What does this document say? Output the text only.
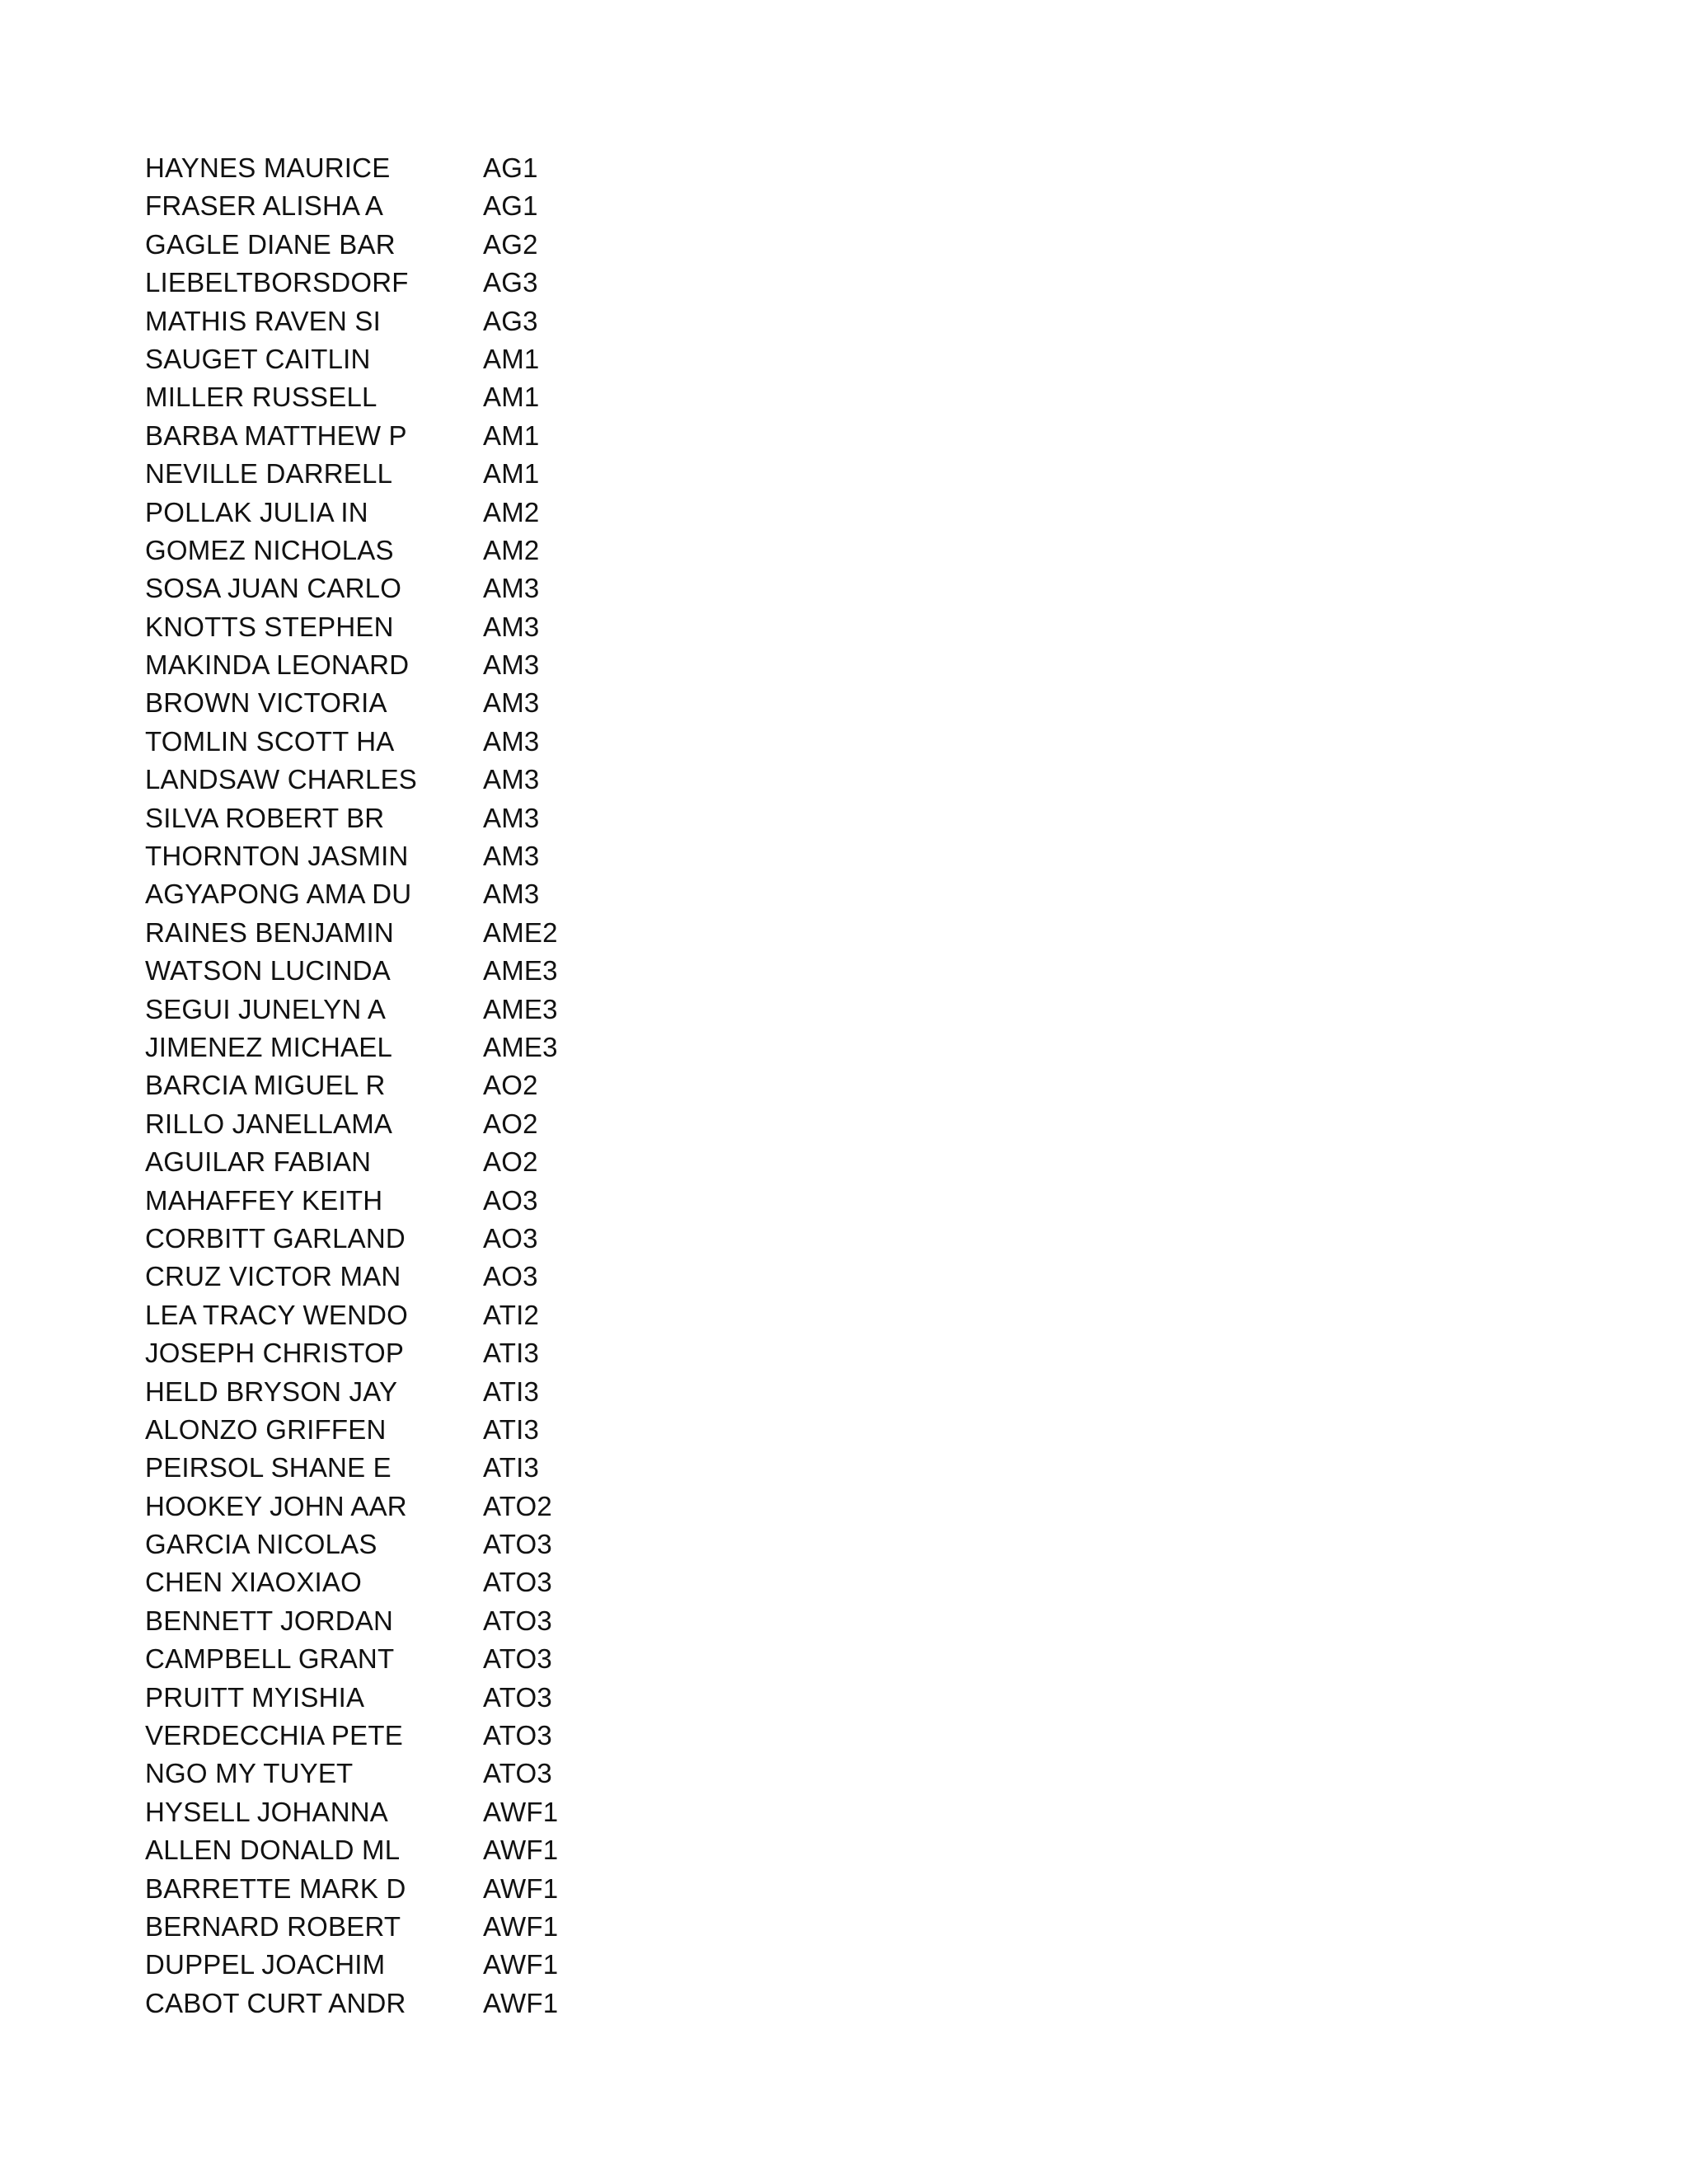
HAYNES MAURICE	AG1
FRASER ALISHA A	AG1
GAGLE DIANE BAR	AG2
LIEBELTBORSDORF	AG3
MATHIS RAVEN SI	AG3
SAUGET CAITLIN	AM1
MILLER RUSSELL	AM1
BARBA MATTHEW P	AM1
NEVILLE DARRELL	AM1
POLLAK JULIA IN	AM2
GOMEZ NICHOLAS	AM2
SOSA JUAN CARLO	AM3
KNOTTS STEPHEN	AM3
MAKINDA LEONARD	AM3
BROWN VICTORIA	AM3
TOMLIN SCOTT HA	AM3
LANDSAW CHARLES	AM3
SILVA ROBERT BR	AM3
THORNTON JASMIN	AM3
AGYAPONG AMA DU	AM3
RAINES BENJAMIN	AME2
WATSON LUCINDA	AME3
SEGUI JUNELYN A	AME3
JIMENEZ MICHAEL	AME3
BARCIA MIGUEL R	AO2
RILLO JANELLAMA	AO2
AGUILAR FABIAN	AO2
MAHAFFEY KEITH	AO3
CORBITT GARLAND	AO3
CRUZ VICTOR MAN	AO3
LEA TRACY WENDO	ATI2
JOSEPH CHRISTOP	ATI3
HELD BRYSON JAY	ATI3
ALONZO GRIFFEN	ATI3
PEIRSOL SHANE E	ATI3
HOOKEY JOHN AAR	ATO2
GARCIA NICOLAS	ATO3
CHEN XIAOXIAO	ATO3
BENNETT JORDAN	ATO3
CAMPBELL GRANT	ATO3
PRUITT MYISHIA	ATO3
VERDECCHIA PETE	ATO3
NGO MY TUYET	ATO3
HYSELL JOHANNA	AWF1
ALLEN DONALD ML	AWF1
BARRETTE MARK D	AWF1
BERNARD ROBERT	AWF1
DUPPEL JOACHIM	AWF1
CABOT CURT ANDR	AWF1
